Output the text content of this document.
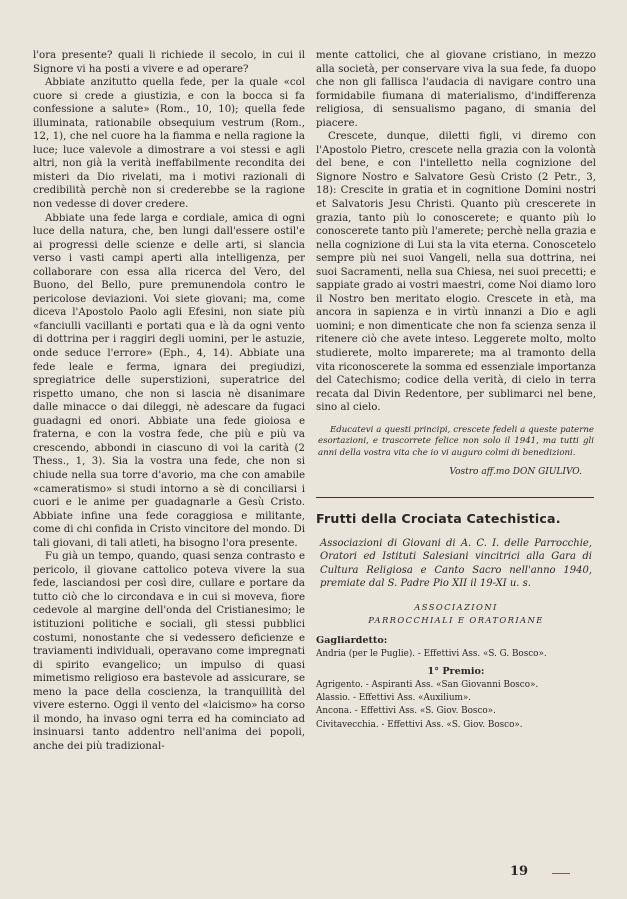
l'ora presente? quali li richiede il secolo, in cui il Signore vi ha posti a vivere e ad operare?

Abbiate anzitutto quella fede, per la quale «col cuore si crede a giustizia, e con la bocca si fa confessione a salute» (Rom., 10, 10); quella fede illuminata, rationabile obsequium vestrum (Rom., 12, 1), che nel cuore ha la fiamma e nella ragione la luce; luce valevole a dimostrare a voi stessi e agli altri, non già la verità ineffabilmente recondita dei misteri da Dio rivelati, ma i motivi razionali di credibilità perchè non si crederebbe se la ragione non vedesse di dover credere.

Abbiate una fede larga e cordiale, amica di ogni luce della natura, che, ben lungi dall'essere ostil'e ai progressi delle scienze e delle arti, si slancia verso i vasti campi aperti alla intelligenza, per collaborare con essa alla ricerca del Vero, del Buono, del Bello, pure premunendola contro le pericolose deviazioni. Voi siete giovani; ma, come diceva l'Apostolo Paolo agli Efesini, non siate più «fanciulli vacillanti e portati qua e là da ogni vento di dottrina per i raggiri degli uomini, per le astuzie, onde seduce l'errore» (Eph., 4, 14). Abbiate una fede leale e ferma, ignara dei pregiudizi, spregiatrice delle superstizioni, superatrice del rispetto umano, che non si lascia nè disanimare dalle minacce o dai dileggi, nè adescare da fugaci guadagni ed onori. Abbiate una fede gioiosa e fraterna, e con la vostra fede, che più e più va crescendo, abbondi in ciascuno di voi la carità (2 Thess., 1, 3). Sia la vostra una fede, che non si chiude nella sua torre d'avorio, ma che con amabile «cameratismo» si studi intorno a sè di conciliarsi i cuori e le anime per guadagnarle a Gesù Cristo. Abbiate infine una fede coraggiosa e militante, come di chi confida in Cristo vincitore del mondo. Di tali giovani, di tali atleti, ha bisogno l'ora presente.

Fu già un tempo, quando, quasi senza contrasto e pericolo, il giovane cattolico poteva vivere la sua fede, lasciandosi per così dire, cullare e portare da tutto ciò che lo circondava e in cui si moveva, fiore cedevole al margine dell'onda del Cristianesimo; le istituzioni politiche e sociali, gli stessi pubblici costumi, nonostante che si vedessero deficienze e traviamenti individuali, operavano come impregnati di spirito evangelico; un impulso di quasi mimetismo religioso era bastevole ad assicurare, se meno la pace della coscienza, la tranquillità del vivere esterno. Oggi il vento del «laicismo» ha corso il mondo, ha invaso ogni terra ed ha cominciato ad insinuarsi tanto addentro nell'anima dei popoli, anche dei più tradizional-

mente cattolici, che al giovane cristiano, in mezzo alla società, per conservare viva la sua fede, fa duopo che non gli fallisca l'audacia di navigare contro una formidabile fiumana di materialismo, d'indifferenza religiosa, di sensualismo pagano, di smania del piacere.

Crescete, dunque, diletti figli, vi diremo con l'Apostolo Pietro, crescete nella grazia con la volontà del bene, e con l'intelletto nella cognizione del Signore Nostro e Salvatore Gesù Cristo (2 Petr., 3, 18): Crescite in gratia et in cognitione Domini nostri et Salvatoris Jesu Christi. Quanto più crescerete in grazia, tanto più lo conoscerete; e quanto più lo conoscerete tanto più l'amerete; perchè nella grazia e nella cognizione di Lui sta la vita eterna. Conoscetelo sempre più nei suoi Vangeli, nella sua dottrina, nei suoi Sacramenti, nella sua Chiesa, nei suoi precetti; e sappiate grado ai vostri maestri, come Noi diamo loro il Nostro ben meritato elogio. Crescete in età, ma ancora in sapienza e in virtù innanzi a Dio e agli uomini; e non dimenticate che non fa scienza senza il ritenere ciò che avete inteso. Leggerete molto, molto studierete, molto imparerete; ma al tramonto della vita riconoscerete la somma ed essenziale importanza del Catechismo; codice della verità, di cielo in terra recata dal Divin Redentore, per sublimarci nel bene, sino al cielo.

Educatevi a questi principi, crescete fedeli a queste paterne esortazioni, e trascorrete felice non solo il 1941, ma tutti gli anni della vostra vita che io vi auguro colmi di benedizioni.
Vostro aff.mo DON GIULIVO.
Frutti della Crociata Catechistica.
Associazioni di Giovani di A. C. I. delle Parrocchie, Oratori ed Istituti Salesiani vincitrici alla Gara di Cultura Religiosa e Canto Sacro nell'anno 1940, premiate dal S. Padre Pio XII il 19-XI u. s.
ASSOCIAZIONI
PARROCCHIALI E ORATORIANE
Gagliardetto:
Andria (per le Puglie). - Effettivi Ass. «S. G. Bosco».
1° Premio:
Agrigento. - Aspiranti Ass. «San Giovanni Bosco».
Alassio. - Effettivi Ass. «Auxilium».
Ancona. - Effettivi Ass. «S. Giov. Bosco».
Civitavecchia. - Effettivi Ass. «S. Giov. Bosco».
19
